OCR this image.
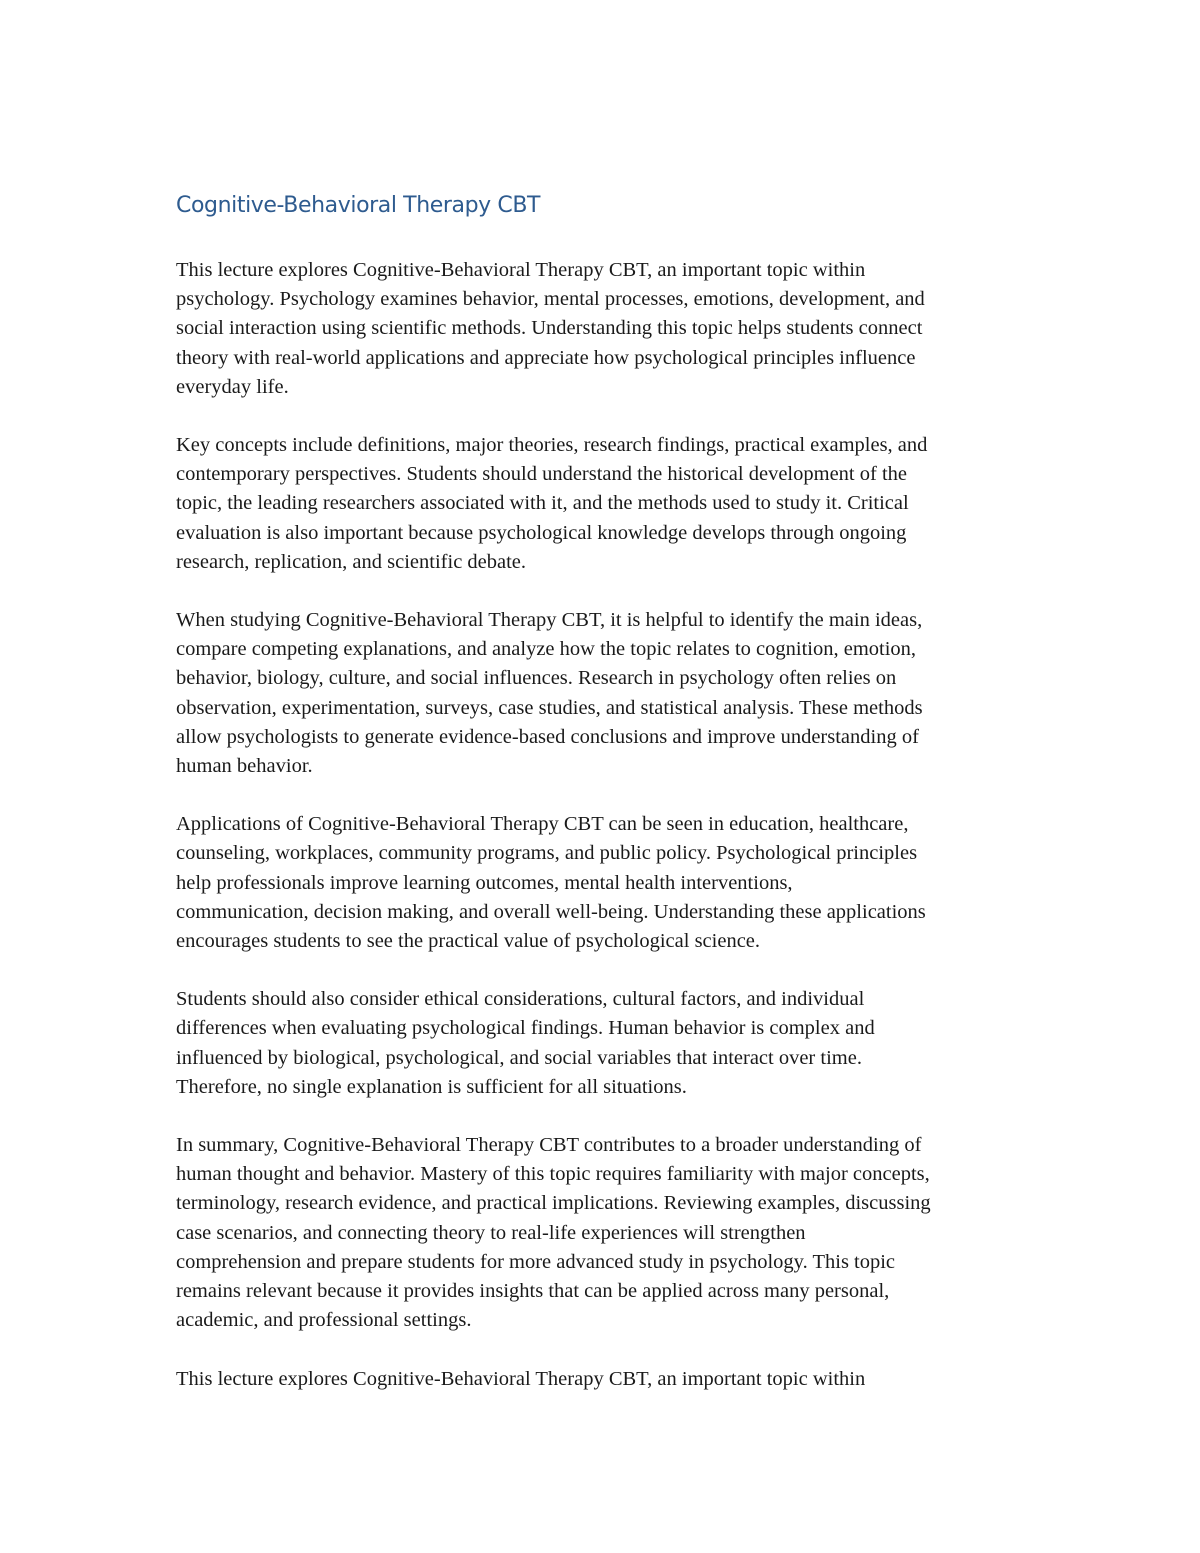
Cognitive-Behavioral Therapy CBT

This lecture explores Cognitive-Behavioral Therapy CBT, an important topic within
psychology. Psychology examines behavior, mental processes, emotions, development, and
social interaction using scientific methods. Understanding this topic helps students connect
theory with real-world applications and appreciate how psychological principles influence
everyday life.

Key concepts include definitions, major theories, research findings, practical examples, and
contemporary perspectives. Students should understand the historical development of the
topic, the leading researchers associated with it, and the methods used to study it. Critical
evaluation is also important because psychological knowledge develops through ongoing
research, replication, and scientific debate.

When studying Cognitive-Behavioral Therapy CBT, it is helpful to identify the main ideas,
compare competing explanations, and analyze how the topic relates to cognition, emotion,
behavior, biology, culture, and social influences. Research in psychology often relies on
observation, experimentation, surveys, case studies, and statistical analysis. These methods
allow psychologists to generate evidence-based conclusions and improve understanding of
human behavior.

Applications of Cognitive-Behavioral Therapy CBT can be seen in education, healthcare,
counseling, workplaces, community programs, and public policy. Psychological principles
help professionals improve learning outcomes, mental health interventions,
communication, decision making, and overall well-being. Understanding these applications
encourages students to see the practical value of psychological science.

Students should also consider ethical considerations, cultural factors, and individual
differences when evaluating psychological findings. Human behavior is complex and
influenced by biological, psychological, and social variables that interact over time.
Therefore, no single explanation is sufficient for all situations.

In summary, Cognitive-Behavioral Therapy CBT contributes to a broader understanding of
human thought and behavior. Mastery of this topic requires familiarity with major concepts,
terminology, research evidence, and practical implications. Reviewing examples, discussing
case scenarios, and connecting theory to real-life experiences will strengthen
comprehension and prepare students for more advanced study in psychology. This topic
remains relevant because it provides insights that can be applied across many personal,
academic, and professional settings.

This lecture explores Cognitive-Behavioral Therapy CBT, an important topic within
